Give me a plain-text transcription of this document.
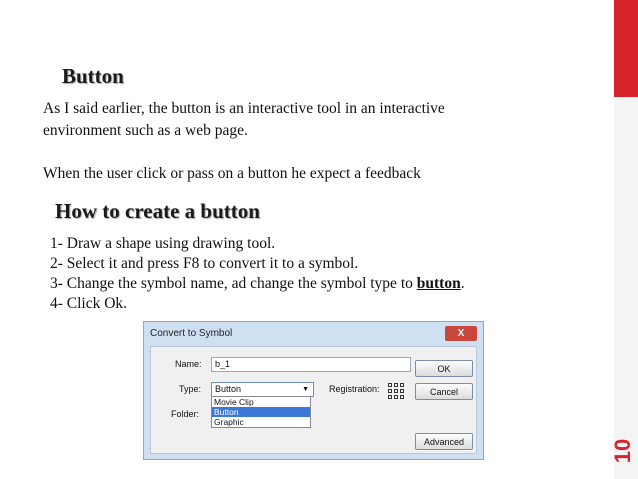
10
Button
As I said earlier, the button is an interactive tool in an interactive
environment such as a web page.
When the user click or pass on a button he expect a feedback
How to create a button
1- Draw a shape using drawing tool.
2- Select it and press F8 to convert it to a symbol.
3- Change the symbol name, ad change the symbol type to button.
4- Click Ok.
Convert to Symbol	X
Name:	b_1
Type:	Button	▼
Movie Clip
Button
Graphic
Folder:
Registration:
OK
Cancel
Advanced
